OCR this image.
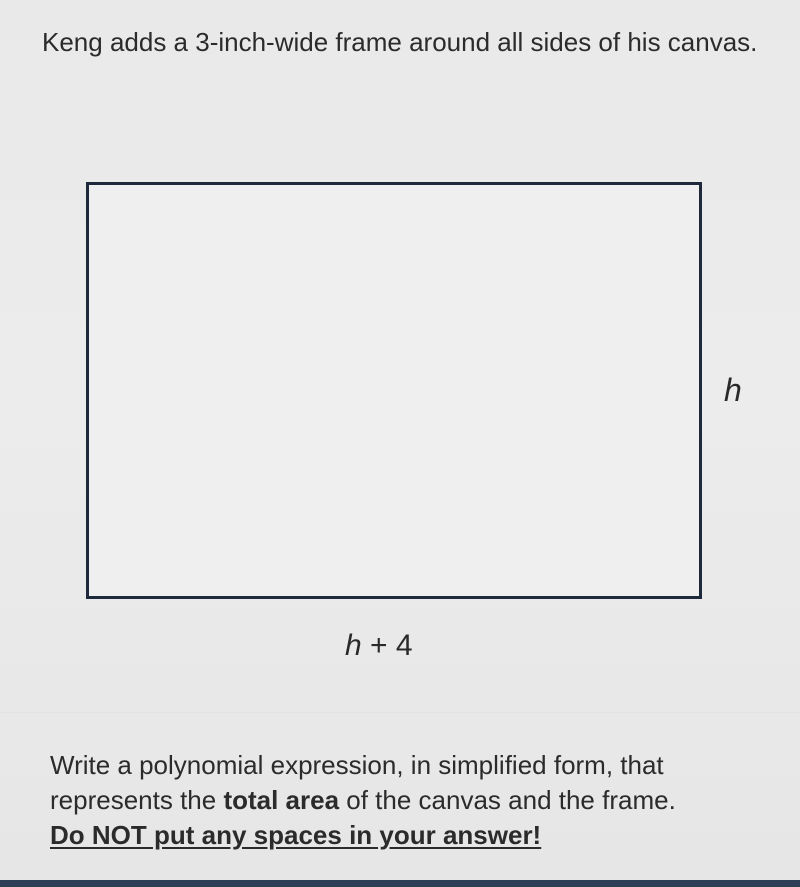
Keng adds a 3-inch-wide frame around all sides of his canvas.
h
h + 4
Write a polynomial expression, in simplified form, that represents the total area of the canvas and the frame.
Do NOT put any spaces in your answer!
